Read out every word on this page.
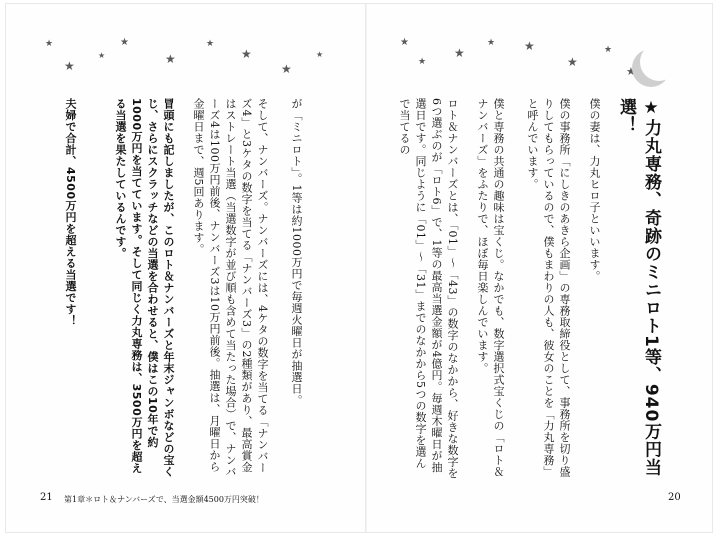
★
★
★
★
★
★
★
★
★
★
★
★
★ ★
★
★
★
★力丸専務、奇跡のミニロト1等、940万円当選！

僕の妻は、力丸ヒロ子といいます。

僕の事務所「にしきのあきら企画」の専務取締役として、事務所を切り盛りしてもらっているので、僕もまわりの人も、彼女のことを「力丸専務」と呼んでいます。

僕と専務の共通の趣味は宝くじ。なかでも、数字選択式宝くじの「ロト＆ナンバーズ」をふたりで、ほぼ毎日楽しんでいます。

ロト＆ナンバーズとは、「01」〜「43」の数字のなかから、好きな数字を6つ選ぶのが「ロト6」で、1等の最高当選金額が4億円。毎週木曜日が抽選日です。同じように「01」〜「31」までのなかから5つの数字を選んで当てるの

20

が「ミニロト」。1等は約1000万円で毎週火曜日が抽選日。

そして、ナンバーズ。ナンバーズには、4ケタの数字を当てる「ナンバーズ4」と3ケタの数字を当てる「ナンバーズ3」の2種類があり、最高賞金はストレート当選（当選数字が並び順も含めて当たった場合）で、ナンバーズ4は100万円前後、ナンバーズ3は10万円前後。抽選は、月曜日から金曜日まで、週5回あります。

冒頭にも記しましたが、このロト＆ナンバーズと年末ジャンボなどの宝くじ、さらにスクラッチなどの当選を合わせると、僕はこの10年で約1000万円を当てています。そして同じく力丸専務は、3500万円を超える当選を果たしているんです。

夫婦で合計、4500万円を超える当選です！

21 第1章＊ロト＆ナンバーズで、当選金額4500万円突破！
